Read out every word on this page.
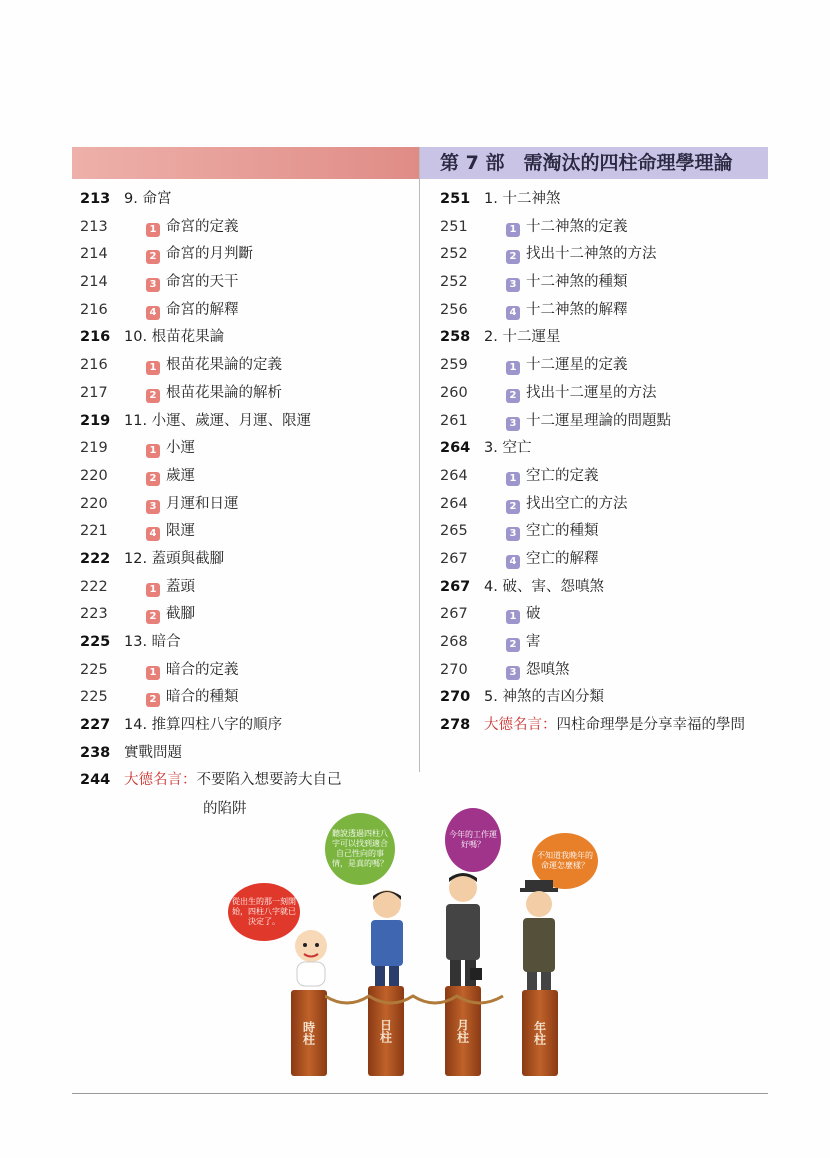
第 7 部　需淘汰的四柱命理學理論
213 9. 命宮
213	1 命宮的定義
214	2 命宮的月判斷
214	3 命宮的天干
216	4 命宮的解釋
216 10. 根苗花果論
216	1 根苗花果論的定義
217	2 根苗花果論的解析
219 11. 小運、歲運、月運、限運
219	1 小運
220	2 歲運
220	3 月運和日運
221	4 限運
222 12. 蓋頭與截腳
222	1 蓋頭
223	2 截腳
225 13. 暗合
225	1 暗合的定義
225	2 暗合的種類
227 14. 推算四柱八字的順序
238 實戰問題
244 大德名言：不要陷入想要誇大自己
的陷阱
251 1. 十二神煞
251	1 十二神煞的定義
252	2 找出十二神煞的方法
252	3 十二神煞的種類
256	4 十二神煞的解釋
258 2. 十二運星
259	1 十二運星的定義
260	2 找出十二運星的方法
261	3 十二運星理論的問題點
264 3. 空亡
264	1 空亡的定義
264	2 找出空亡的方法
265	3 空亡的種類
267	4 空亡的解釋
267 4. 破、害、怨嗔煞
267	1 破
268	2 害
270	3 怨嗔煞
270 5. 神煞的吉凶分類
278 大德名言：四柱命理學是分享幸福的學問
從出生的那一刻開始，四柱八字就已決定了。
聽說透過四柱八字可以找到適合自己性向的事情，是真的嗎？
今年的工作運好嗎？
不知道我晚年的命運怎麼樣？
時柱	日柱	月柱	年柱
